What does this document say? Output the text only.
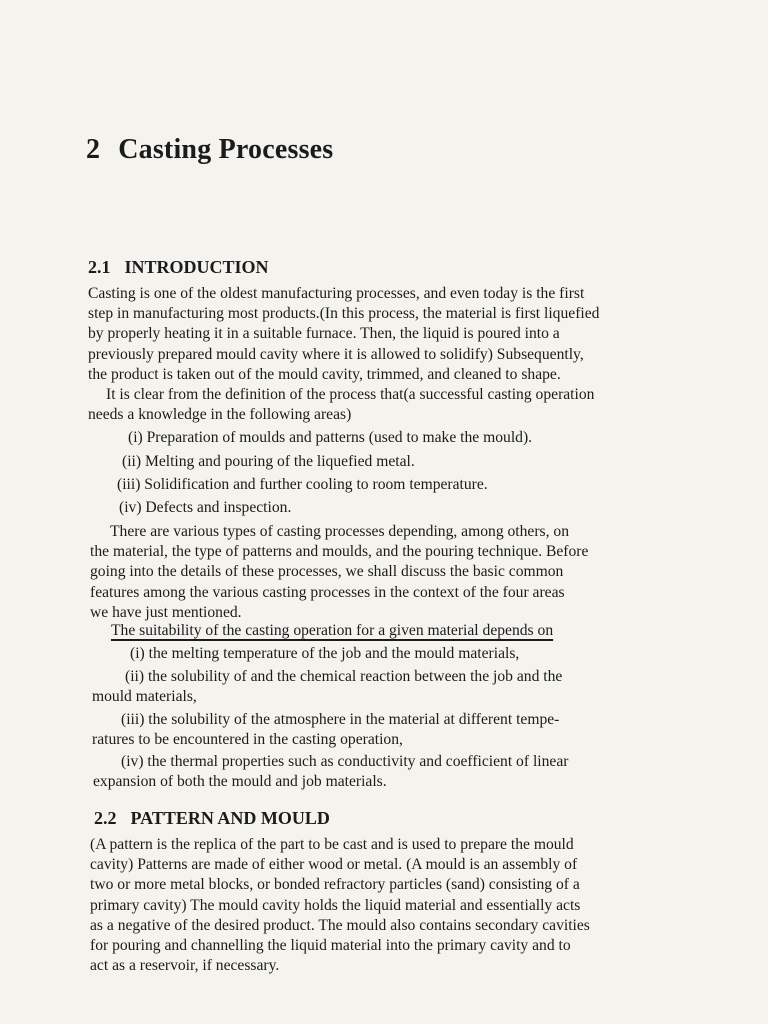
2 Casting Processes
2.1 INTRODUCTION
Casting is one of the oldest manufacturing processes, and even today is the first
step in manufacturing most products.(In this process, the material is first liquefied
by properly heating it in a suitable furnace. Then, the liquid is poured into a
previously prepared mould cavity where it is allowed to solidify) Subsequently,
the product is taken out of the mould cavity, trimmed, and cleaned to shape.
It is clear from the definition of the process that(a successful casting operation
needs a knowledge in the following areas)
(i) Preparation of moulds and patterns (used to make the mould).
(ii) Melting and pouring of the liquefied metal.
(iii) Solidification and further cooling to room temperature.
(iv) Defects and inspection.
There are various types of casting processes depending, among others, on
the material, the type of patterns and moulds, and the pouring technique. Before
going into the details of these processes, we shall discuss the basic common
features among the various casting processes in the context of the four areas
we have just mentioned.
The suitability of the casting operation for a given material depends on
(i) the melting temperature of the job and the mould materials,
(ii) the solubility of and the chemical reaction between the job and the
mould materials,
(iii) the solubility of the atmosphere in the material at different tempe-
ratures to be encountered in the casting operation,
(iv) the thermal properties such as conductivity and coefficient of linear
expansion of both the mould and job materials.
2.2 PATTERN AND MOULD
(A pattern is the replica of the part to be cast and is used to prepare the mould
cavity) Patterns are made of either wood or metal. (A mould is an assembly of
two or more metal blocks, or bonded refractory particles (sand) consisting of a
primary cavity) The mould cavity holds the liquid material and essentially acts
as a negative of the desired product. The mould also contains secondary cavities
for pouring and channelling the liquid material into the primary cavity and to
act as a reservoir, if necessary.
